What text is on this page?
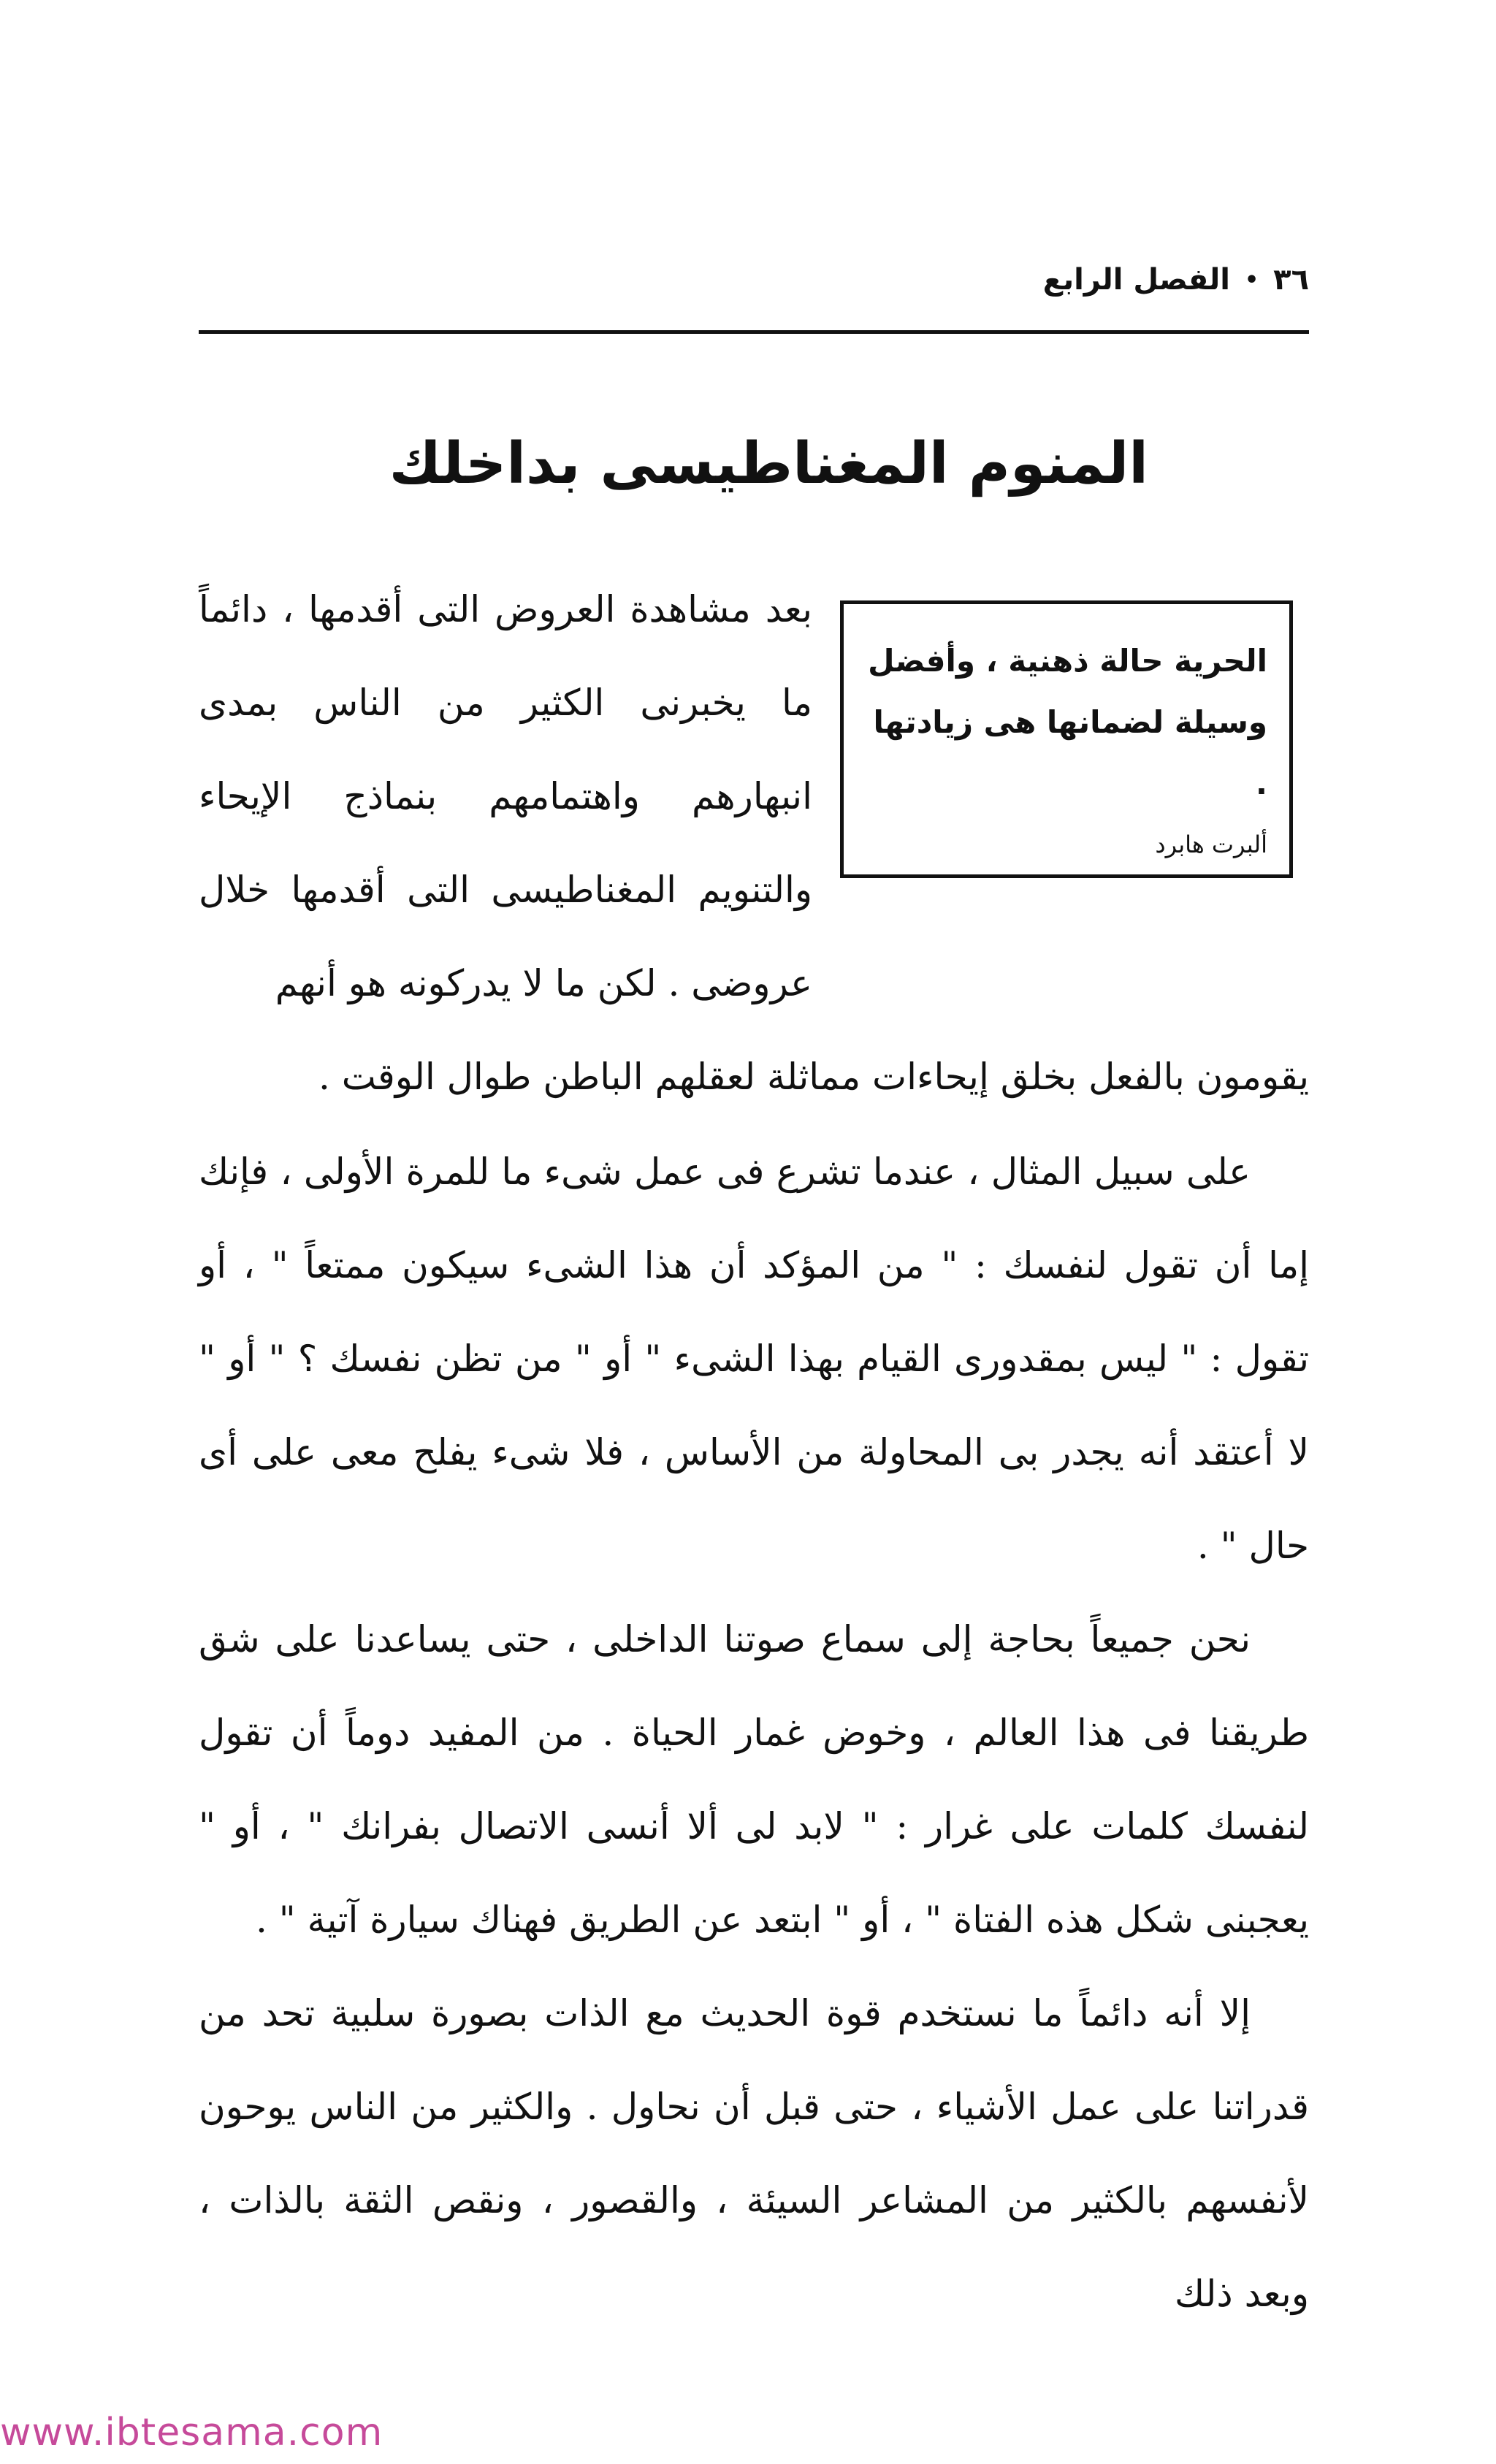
٣٦
•
الفصل الرابع
المنوم المغناطيسى بداخلك
الحرية حالة ذهنية ، وأفضل وسيلة لضمانها هى زيادتها .
ألبرت هابرد

بعد مشاهدة العروض التى أقدمها ، دائماً ما يخبرنى الكثير من الناس بمدى انبهارهم واهتمامهم بنماذج الإيحاء والتنويم المغناطيسى التى أقدمها خلال عروضى . لكن ما لا يدركونه هو أنهم

يقومون بالفعل بخلق إيحاءات مماثلة لعقلهم الباطن طوال الوقت .

على سبيل المثال ، عندما تشرع فى عمل شىء ما للمرة الأولى ، فإنك إما أن تقول لنفسك : " من المؤكد أن هذا الشىء سيكون ممتعاً " ، أو تقول : " ليس بمقدورى القيام بهذا الشىء " أو " من تظن نفسك ؟ " أو " لا أعتقد أنه يجدر بى المحاولة من الأساس ، فلا شىء يفلح معى على أى حال " .

نحن جميعاً بحاجة إلى سماع صوتنا الداخلى ، حتى يساعدنا على شق طريقنا فى هذا العالم ، وخوض غمار الحياة . من المفيد دوماً أن تقول لنفسك كلمات على غرار : " لابد لى ألا أنسى الاتصال بفرانك " ، أو " يعجبنى شكل هذه الفتاة " ، أو " ابتعد عن الطريق فهناك سيارة آتية " .

إلا أنه دائماً ما نستخدم قوة الحديث مع الذات بصورة سلبية تحد من قدراتنا على عمل الأشياء ، حتى قبل أن نحاول . والكثير من الناس يوحون لأنفسهم بالكثير من المشاعر السيئة ، والقصور ، ونقص الثقة بالذات ، وبعد ذلك

www.ibtesama.com
